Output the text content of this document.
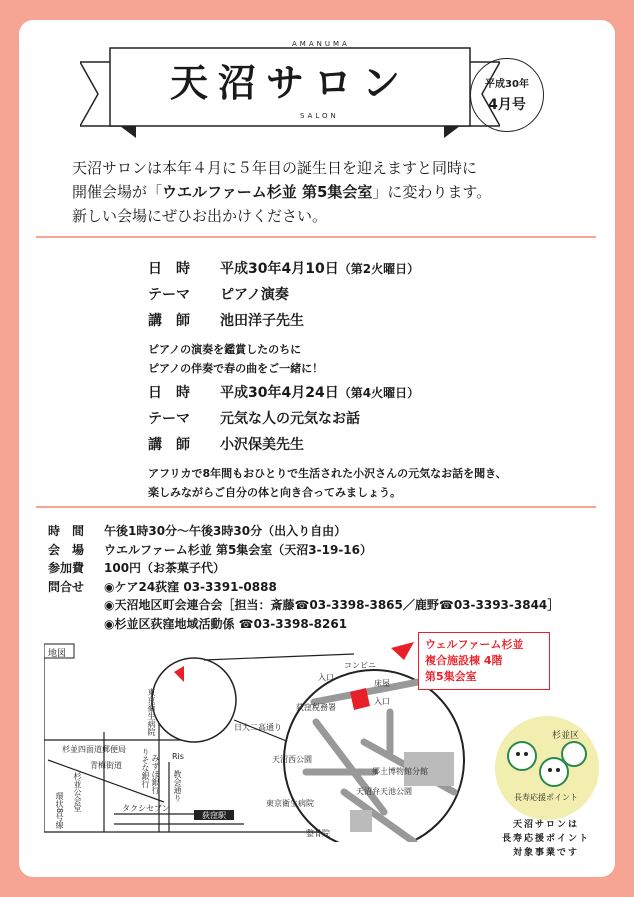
AMANUMA
天沼サロン
SALON
平成30年
4月号
天沼サロンは本年４月に５年目の誕生日を迎えますと同時に
開催会場が「ウエルファーム杉並 第5集会室」に変わります。
新しい会場にぜひお出かけください。
日　時 平成30年4月10日（第2火曜日）
テーマ ピアノ演奏
講　師 池田洋子先生
ピアノの演奏を鑑賞したのちに
ピアノの伴奏で春の曲をご一緒に！
日　時 平成30年4月24日（第4火曜日）
テーマ 元気な人の元気なお話
講　師 小沢保美先生
アフリカで8年間もおひとりで生活された小沢さんの元気なお話を聞き、
楽しみながらご自分の体と向き合ってみましょう。
時　間 午後1時30分～午後3時30分（出入り自由）
会　場 ウエルファーム杉並 第5集会室（天沼3-19-16）
参加費 100円（お茶菓子代）
問合せ ◉ケア24荻窪 03-3391-0888
◉天沼地区町会連合会［担当：斎藤☎03-3398-3865／鹿野☎03-3393-3844］
◉杉並区荻窪地域活動係 ☎03-3398-8261
荻窪駅
地図
東京衛生病院
杉並四面道郵便局
青梅街道
杉並公会堂
環状8号線
りそな銀行 みずほ銀行 Ris
教会通り
タクシセブン
コンビニ
床屋
入口
入口
荻窪税務署
日大二高通り
天沼西公園
郷土博物館分館
東京衛生病院
天沼弁天池公園
整骨院
ウェルファーム杉並
複合施設棟 4階
第5集会室
杉並区
長寿応援ポイント
天沼サロンは
長寿応援ポイント
対象事業です
